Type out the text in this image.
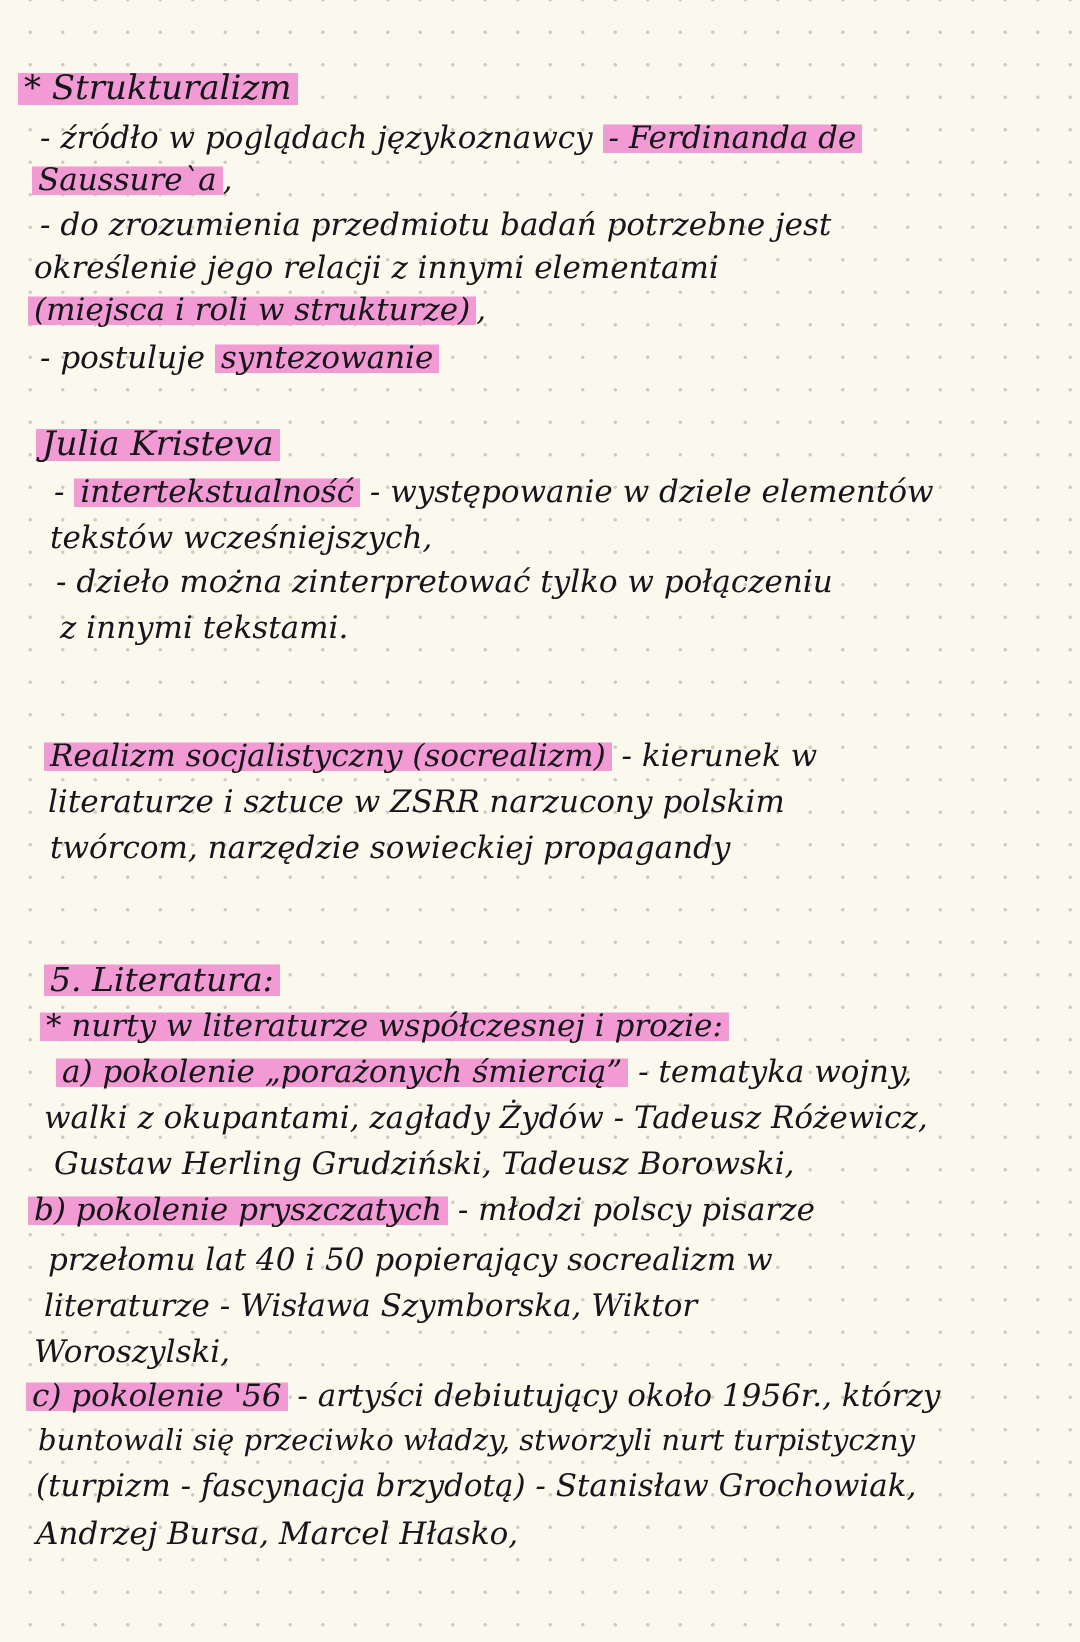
* Strukturalizm
- źródło w poglądach językoznawcy - Ferdinanda de
Saussure`a ,
- do zrozumienia przedmiotu badań potrzebne jest
określenie jego relacji z innymi elementami
(miejsca i roli w strukturze) ,
- postuluje syntezowanie
Julia Kristeva
- intertekstualność - występowanie w dziele elementów
tekstów wcześniejszych,
- dzieło można zinterpretować tylko w połączeniu
z innymi tekstami.
Realizm socjalistyczny (socrealizm) - kierunek w
literaturze i sztuce w ZSRR narzucony polskim
twórcom, narzędzie sowieckiej propagandy
5. Literatura:
* nurty w literaturze współczesnej i prozie:
a) pokolenie „porażonych śmiercią” - tematyka wojny,
walki z okupantami, zagłady Żydów - Tadeusz Różewicz,
Gustaw Herling Grudziński, Tadeusz Borowski,
b) pokolenie pryszczatych - młodzi polscy pisarze
przełomu lat 40 i 50 popierający socrealizm w
literaturze - Wisława Szymborska, Wiktor
Woroszylski,
c) pokolenie '56 - artyści debiutujący około 1956r., którzy
buntowali się przeciwko władzy, stworzyli nurt turpistyczny
(turpizm - fascynacja brzydotą) - Stanisław Grochowiak,
Andrzej Bursa, Marcel Hłasko,
